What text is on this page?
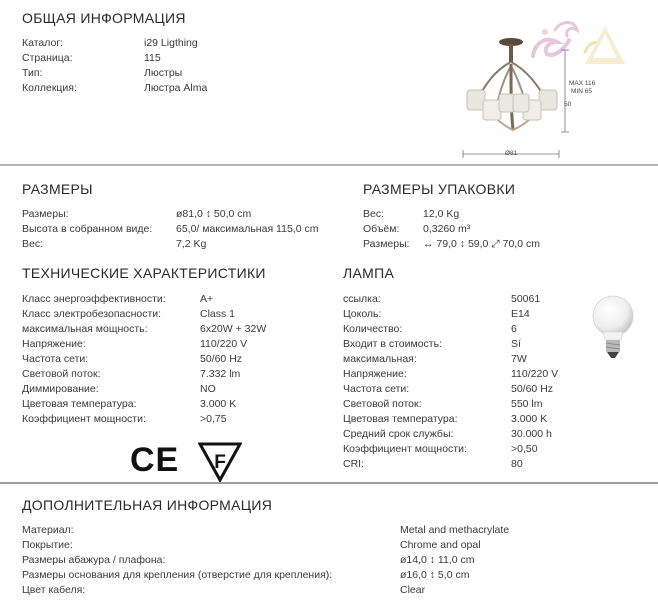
ОБЩАЯ ИНФОРМАЦИЯ
Каталог:	i29 Ligthing
Страница:	115
Тип:	Люстры
Коллекция:	Люстра Alma	MAX 116
MIN 65
50
Ø81
РАЗМЕРЫ
Размеры:	ø81,0 ↕ 50,0 cm
Высота в собранном виде: 65,0/ максимальная 115,0 cm
Вес:	7,2 Kg
РАЗМЕРЫ УПАКОВКИ
Вес:	12,0 Kg
Объём: 0,3260 m³
Размеры: ↔ 79,0 ↕ 59,0 ⤢ 70,0 cm
ТЕХНИЧЕСКИЕ ХАРАКТЕРИСТИКИ
Класс энергоэффективности:	A+
Класс электробезопасности:	Class 1
максимальная мощность:	6x20W + 32W
Напряжение:	110/220 V
Частота сети:	50/60 Hz
Световой поток:	7.332 lm
Диммирование:	NO
Цветовая температура:	3.000 K
Коэффициент мощности:	>0,75
CE F
ЛАМПА
ссылка:	50061
Цоколь:	E14
Количество:	6
Входит в стоимость:	Sí
максимальная:	7W
Напряжение:	110/220 V
Частота сети:	50/60 Hz
Световой поток:	550 lm
Цветовая температура:	3.000 K
Средний срок службы:	30.000 h
Коэффициент мощности:	>0,50
CRI:	80
ДОПОЛНИТЕЛЬНАЯ ИНФОРМАЦИЯ
Материал:	Metal and methacrylate
Покрытие:	Chrome and opal
Размеры абажура / плафона:	ø14,0 ↕ 11,0 cm
Размеры основания для крепления (отверстие для крепления):	ø16,0 ↕ 5,0 cm
Цвет кабеля:	Clear
